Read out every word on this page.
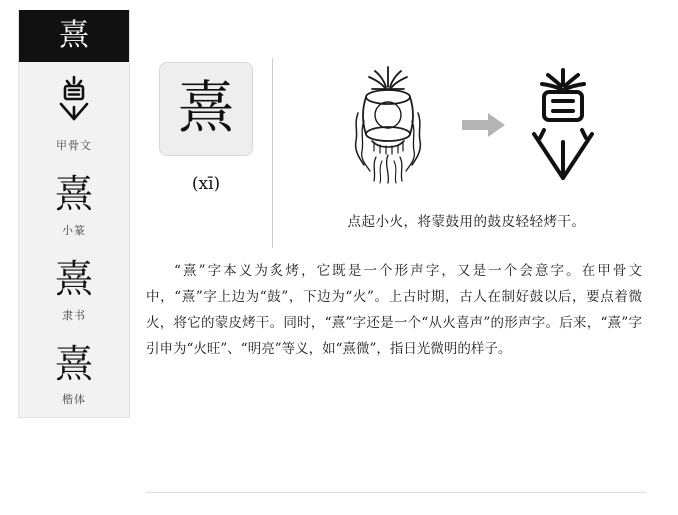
熹
甲骨文
熹
小篆
熹
隶书
熹
楷体
熹
(xī)
点起小火，将蒙鼓用的鼓皮轻轻烤干。

“熹”字本义为炙烤，它既是一个形声字，又是一个会意字。在甲骨文中，“熹”字上边为“鼓”，下边为“火”。上古时期，古人在制好鼓以后，要点着微火，将它的蒙皮烤干。同时，“熹”字还是一个“从火喜声”的形声字。后来，“熹”字引申为“火旺”、“明亮”等义，如“熹微”，指日光微明的样子。
